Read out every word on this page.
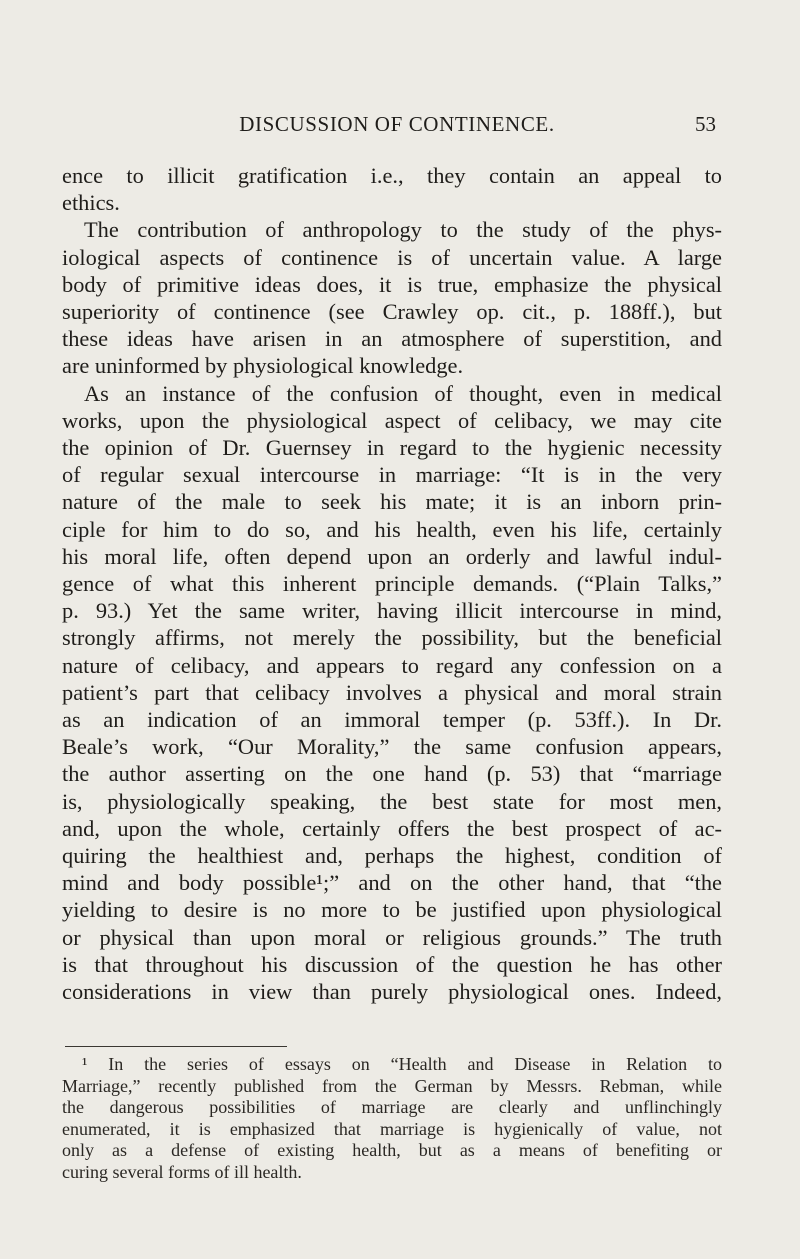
DISCUSSION OF CONTINENCE.	53
ence to illicit gratification i.e., they contain an appeal to
ethics.
The contribution of anthropology to the study of the phys-
iological aspects of continence is of uncertain value. A large
body of primitive ideas does, it is true, emphasize the physical
superiority of continence (see Crawley op. cit., p. 188ff.), but
these ideas have arisen in an atmosphere of superstition, and
are uninformed by physiological knowledge.
As an instance of the confusion of thought, even in medical
works, upon the physiological aspect of celibacy, we may cite
the opinion of Dr. Guernsey in regard to the hygienic necessity
of regular sexual intercourse in marriage: “It is in the very
nature of the male to seek his mate; it is an inborn prin-
ciple for him to do so, and his health, even his life, certainly
his moral life, often depend upon an orderly and lawful indul-
gence of what this inherent principle demands. (“Plain Talks,”
p. 93.) Yet the same writer, having illicit intercourse in mind,
strongly affirms, not merely the possibility, but the beneficial
nature of celibacy, and appears to regard any confession on a
patient’s part that celibacy involves a physical and moral strain
as an indication of an immoral temper (p. 53ff.). In Dr.
Beale’s work, “Our Morality,” the same confusion appears,
the author asserting on the one hand (p. 53) that “marriage
is, physiologically speaking, the best state for most men,
and, upon the whole, certainly offers the best prospect of ac-
quiring the healthiest and, perhaps the highest, condition of
mind and body possible¹;” and on the other hand, that “the
yielding to desire is no more to be justified upon physiological
or physical than upon moral or religious grounds.” The truth
is that throughout his discussion of the question he has other
considerations in view than purely physiological ones. Indeed,
¹ In the series of essays on “Health and Disease in Relation to
Marriage,” recently published from the German by Messrs. Rebman, while
the dangerous possibilities of marriage are clearly and unflinchingly
enumerated, it is emphasized that marriage is hygienically of value, not
only as a defense of existing health, but as a means of benefiting or
curing several forms of ill health.
